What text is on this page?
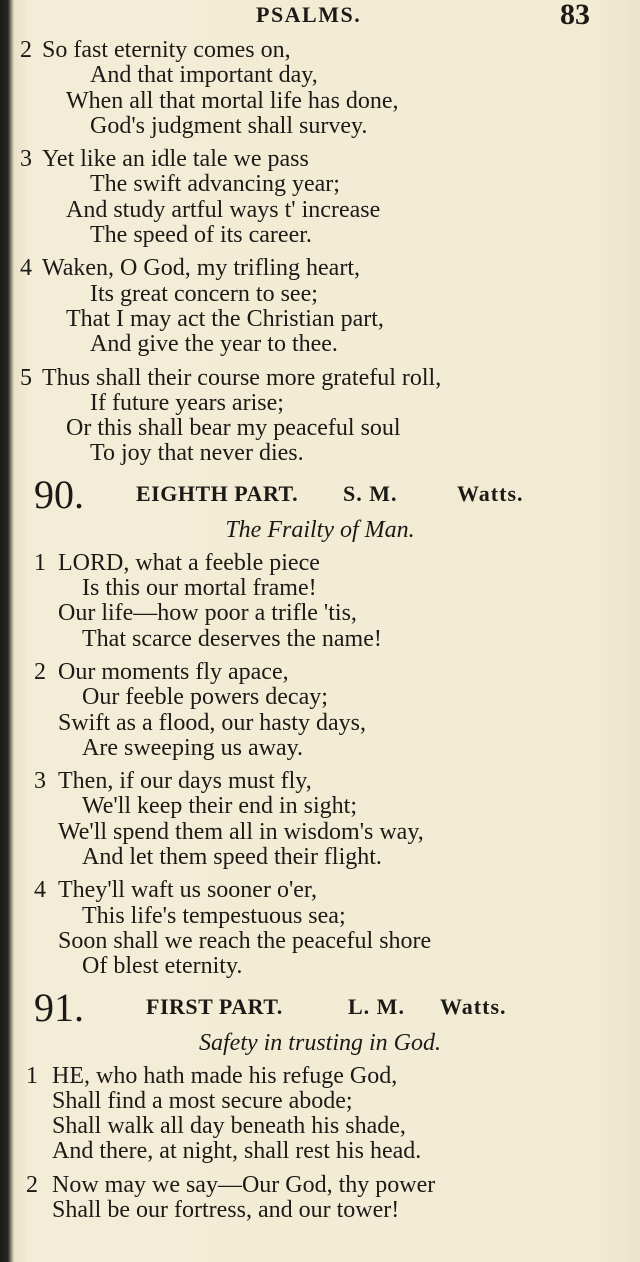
PSALMS.	83
2 So fast eternity comes on,
And that important day,
When all that mortal life has done,
God's judgment shall survey.
3 Yet like an idle tale we pass
The swift advancing year;
And study artful ways t' increase
The speed of its career.
4 Waken, O God, my trifling heart,
Its great concern to see;
That I may act the Christian part,
And give the year to thee.
5 Thus shall their course more grateful roll,
If future years arise;
Or this shall bear my peaceful soul
To joy that never dies.
90. EIGHTH PART. S. M.	Watts.
The Frailty of Man.
1 LORD, what a feeble piece
Is this our mortal frame!
Our life—how poor a trifle 'tis,
That scarce deserves the name!
2 Our moments fly apace,
Our feeble powers decay;
Swift as a flood, our hasty days,
Are sweeping us away.
3 Then, if our days must fly,
We'll keep their end in sight;
We'll spend them all in wisdom's way,
And let them speed their flight.
4 They'll waft us sooner o'er,
This life's tempestuous sea;
Soon shall we reach the peaceful shore
Of blest eternity.
91.	FIRST PART.	L. M. Watts.
Safety in trusting in God.
1 HE, who hath made his refuge God,
Shall find a most secure abode;
Shall walk all day beneath his shade,
And there, at night, shall rest his head.
2 Now may we say—Our God, thy power
Shall be our fortress, and our tower!
